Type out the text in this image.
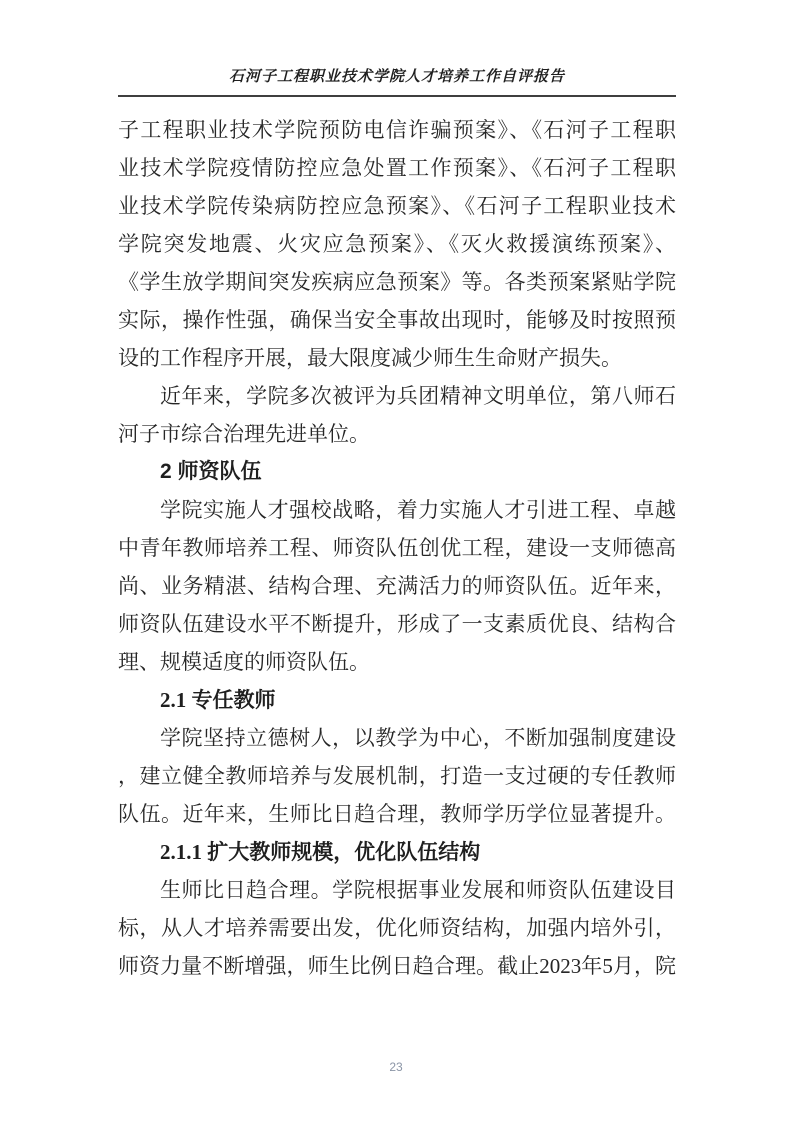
石河子工程职业技术学院人才培养工作自评报告
子工程职业技术学院预防电信诈骗预案》、《石河子工程职
业技术学院疫情防控应急处置工作预案》、《石河子工程职
业技术学院传染病防控应急预案》、《石河子工程职业技术
学院突发地震、火灾应急预案》、《灭火救援演练预案》、
《学生放学期间突发疾病应急预案》等。各类预案紧贴学院
实际，操作性强，确保当安全事故出现时，能够及时按照预
设的工作程序开展，最大限度减少师生生命财产损失。
近年来，学院多次被评为兵团精神文明单位，第八师石
河子市综合治理先进单位。
2 师资队伍
学院实施人才强校战略，着力实施人才引进工程、卓越
中青年教师培养工程、师资队伍创优工程，建设一支师德高
尚、业务精湛、结构合理、充满活力的师资队伍。近年来，
师资队伍建设水平不断提升，形成了一支素质优良、结构合
理、规模适度的师资队伍。
2.1 专任教师
学院坚持立德树人，以教学为中心，不断加强制度建设
，建立健全教师培养与发展机制，打造一支过硬的专任教师
队伍。近年来，生师比日趋合理，教师学历学位显著提升。
2.1.1 扩大教师规模，优化队伍结构
生师比日趋合理。学院根据事业发展和师资队伍建设目
标，从人才培养需要出发，优化师资结构，加强内培外引，
师资力量不断增强，师生比例日趋合理。截止2023年5月，院
23
